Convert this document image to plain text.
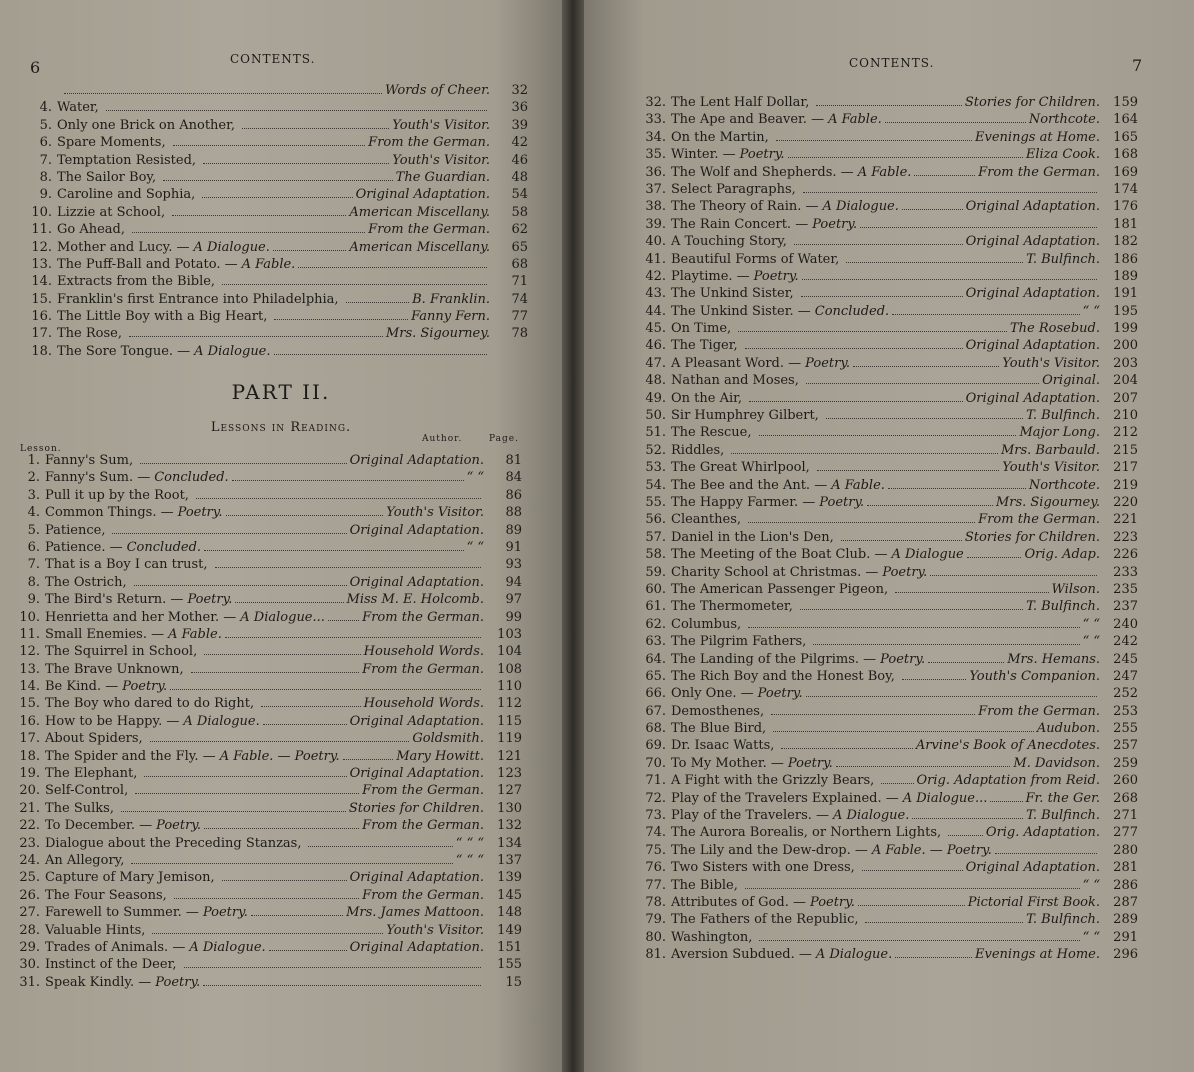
6	CONTENTS.
Words of Cheer.	32
4. Water,	36
5. Only one Brick on Another,	Youth's Visitor.	39
6. Spare Moments,	From the German.	42
7. Temptation Resisted,	Youth's Visitor.	46
8. The Sailor Boy,	The Guardian.	48
9. Caroline and Sophia,	Original Adaptation.	54
10. Lizzie at School,	American Miscellany.	58
11. Go Ahead,	From the German.	62
12. Mother and Lucy. — A Dialogue.	American Miscellany.	65
13. The Puff-Ball and Potato. — A Fable.	68
14. Extracts from the Bible,	71
15. Franklin's first Entrance into Philadelphia,	B. Franklin.	74
16. The Little Boy with a Big Heart,	Fanny Fern.	77
17. The Rose,	Mrs. Sigourney.	78
18. The Sore Tongue. — A Dialogue.
PART II.
Lessons in Reading.
Lesson.
Author.	Page.
1. Fanny's Sum,	Original Adaptation.	81
2. Fanny's Sum. — Concluded.	“ “	84
3. Pull it up by the Root,	86
4. Common Things. — Poetry.	Youth's Visitor.	88
5. Patience,	Original Adaptation.	89
6. Patience. — Concluded.	“ “	91
7. That is a Boy I can trust,	93
8. The Ostrich,	Original Adaptation.	94
9. The Bird's Return. — Poetry.	Miss M. E. Holcomb.	97
10. Henrietta and her Mother. — A Dialogue...	From the German.	99
11. Small Enemies. — A Fable.	103
12. The Squirrel in School,	Household Words.	104
13. The Brave Unknown,	From the German.	108
14. Be Kind. — Poetry.	110
15. The Boy who dared to do Right,	Household Words.	112
16. How to be Happy. — A Dialogue.	Original Adaptation.	115
17. About Spiders,	Goldsmith.	119
18. The Spider and the Fly. — A Fable. — Poetry.	Mary Howitt.	121
19. The Elephant,	Original Adaptation.	123
20. Self-Control,	From the German.	127
21. The Sulks,	Stories for Children.	130
22. To December. — Poetry.	From the German.	132
23. Dialogue about the Preceding Stanzas,	“ “ “	134
24. An Allegory,	“ “ “	137
25. Capture of Mary Jemison,	Original Adaptation.	139
26. The Four Seasons,	From the German.	145
27. Farewell to Summer. — Poetry.	Mrs. James Mattoon.	148
28. Valuable Hints,	Youth's Visitor.	149
29. Trades of Animals. — A Dialogue.	Original Adaptation.	151
30. Instinct of the Deer,	155
31. Speak Kindly. — Poetry.	15
CONTENTS.	7
32. The Lent Half Dollar,	Stories for Children.	159
33. The Ape and Beaver. — A Fable.	Northcote.	164
34. On the Martin,	Evenings at Home.	165
35. Winter. — Poetry.	Eliza Cook.	168
36. The Wolf and Shepherds. — A Fable.	From the German.	169
37. Select Paragraphs,	174
38. The Theory of Rain. — A Dialogue.	Original Adaptation.	176
39. The Rain Concert. — Poetry.	181
40. A Touching Story,	Original Adaptation.	182
41. Beautiful Forms of Water,	T. Bulfinch.	186
42. Playtime. — Poetry.	189
43. The Unkind Sister,	Original Adaptation.	191
44. The Unkind Sister. — Concluded.	“ “	195
45. On Time,	The Rosebud.	199
46. The Tiger,	Original Adaptation.	200
47. A Pleasant Word. — Poetry.	Youth's Visitor.	203
48. Nathan and Moses,	Original.	204
49. On the Air,	Original Adaptation.	207
50. Sir Humphrey Gilbert,	T. Bulfinch.	210
51. The Rescue,	Major Long.	212
52. Riddles,	Mrs. Barbauld.	215
53. The Great Whirlpool,	Youth's Visitor.	217
54. The Bee and the Ant. — A Fable.	Northcote.	219
55. The Happy Farmer. — Poetry.	Mrs. Sigourney.	220
56. Cleanthes,	From the German.	221
57. Daniel in the Lion's Den,	Stories for Children.	223
58. The Meeting of the Boat Club. — A Dialogue	Orig. Adap.	226
59. Charity School at Christmas. — Poetry.	233
60. The American Passenger Pigeon,	Wilson.	235
61. The Thermometer,	T. Bulfinch.	237
62. Columbus,	“ “	240
63. The Pilgrim Fathers,	“ “	242
64. The Landing of the Pilgrims. — Poetry.	Mrs. Hemans.	245
65. The Rich Boy and the Honest Boy,	Youth's Companion.	247
66. Only One. — Poetry.	252
67. Demosthenes,	From the German.	253
68. The Blue Bird,	Audubon.	255
69. Dr. Isaac Watts,	Arvine's Book of Anecdotes.	257
70. To My Mother. — Poetry.	M. Davidson.	259
71. A Fight with the Grizzly Bears,	Orig. Adaptation from Reid.	260
72. Play of the Travelers Explained. — A Dialogue...	Fr. the Ger.	268
73. Play of the Travelers. — A Dialogue.	T. Bulfinch.	271
74. The Aurora Borealis, or Northern Lights,	Orig. Adaptation.	277
75. The Lily and the Dew-drop. — A Fable. — Poetry.	280
76. Two Sisters with one Dress,	Original Adaptation.	281
77. The Bible,	“ “	286
78. Attributes of God. — Poetry.	Pictorial First Book.	287
79. The Fathers of the Republic,	T. Bulfinch.	289
80. Washington,	“ “	291
81. Aversion Subdued. — A Dialogue.	Evenings at Home.	296
